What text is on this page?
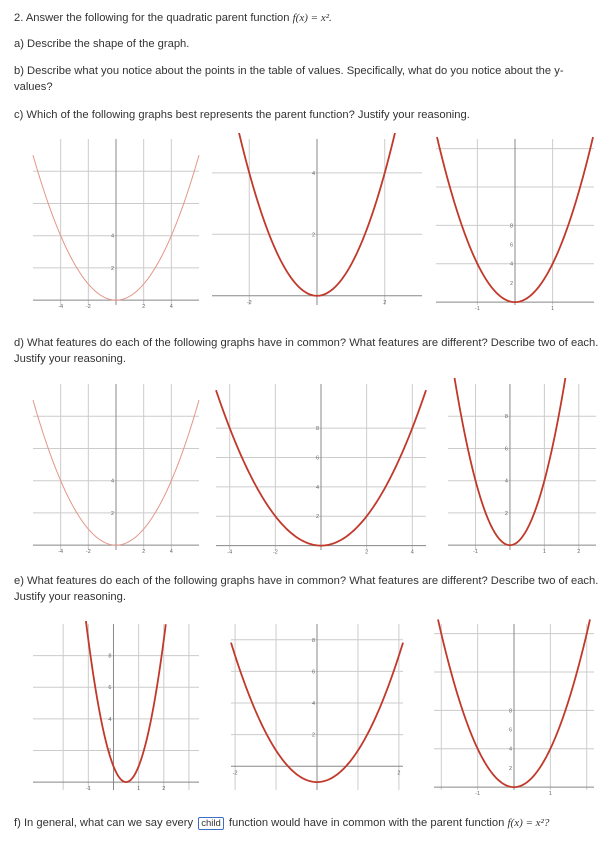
2. Answer the following for the quadratic parent function f(x) = x².
a) Describe the shape of the graph.
b) Describe what you notice about the points in the table of values. Specifically, what do you notice about the y-values?
c) Which of the following graphs best represents the parent function? Justify your reasoning.
-4	-2	2	4
2
4
-2	2
2
4
-1	1
2
4
6
8
d) What features do each of the following graphs have in common? What features are different? Describe two of each. Justify your reasoning.
-4	-2	2	4
2
4
-4	-2	2	4
2
4
6
8
-1	1	2
2
4
6
8
e) What features do each of the following graphs have in common? What features are different? Describe two of each. Justify your reasoning.
-1	1	2
2
4
6
8
-2	2
2
4
6
8
-1	1
2
4
6
8
f) In general, what can we say every child function would have in common with the parent function f(x) = x²?
